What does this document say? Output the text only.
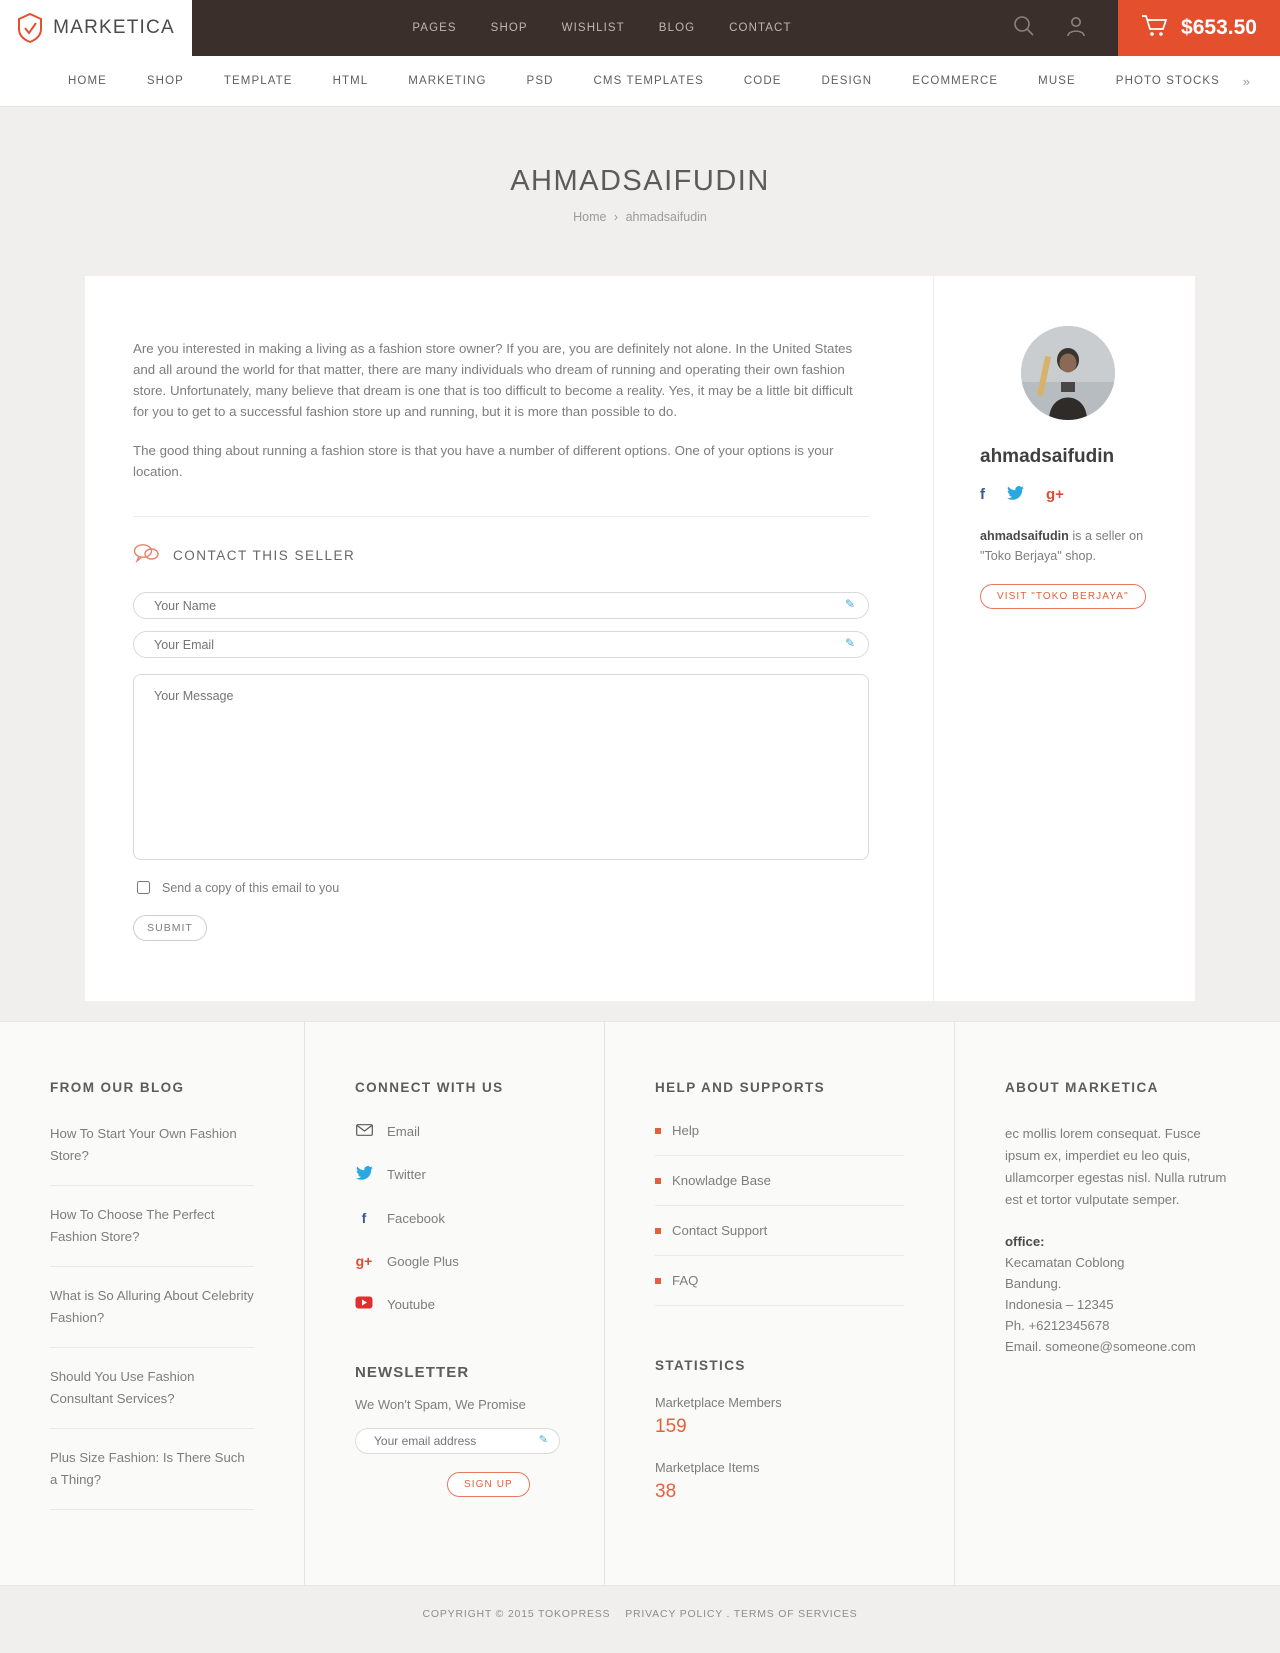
MARKETICA	PAGES	SHOP	WISHLIST	BLOG	CONTACT	$653.50
HOME	SHOP	TEMPLATE	HTML	MARKETING	PSD	CMS TEMPLATES	CODE	DESIGN	ECOMMERCE	MUSE	PHOTO STOCKS »
AHMADSAIFUDIN
Home › ahmadsaifudin

Are you interested in making a living as a fashion store owner? If you are, you are definitely not alone. In the United States and all around the world for that matter, there are many individuals who dream of running and operating their own fashion store. Unfortunately, many believe that dream is one that is too difficult to become a reality. Yes, it may be a little bit difficult for you to get to a successful fashion store up and running, but it is more than possible to do.

The good thing about running a fashion store is that you have a number of different options. One of your options is your location.

CONTACT THIS SELLER
Your Name
✎
Your Email
✎
Your Message
Send a copy of this email to you
SUBMIT
ahmadsaifudin
f	g+
ahmadsaifudin is a seller on "Toko Berjaya" shop.
VISIT "TOKO BERJAYA"
FROM OUR BLOG
How To Start Your Own Fashion Store?
How To Choose The Perfect Fashion Store?
What is So Alluring About Celebrity Fashion?
Should You Use Fashion Consultant Services?
Plus Size Fashion: Is There Such a Thing?
CONNECT WITH US
Email
Twitter
f	Facebook
g+ Google Plus
Youtube
NEWSLETTER
We Won't Spam, We Promise
Your email address
✎
SIGN UP
HELP AND SUPPORTS
Help
Knowladge Base
Contact Support
FAQ
STATISTICS
Marketplace Members
159
Marketplace Items
38
ABOUT MARKETICA

ec mollis lorem consequat. Fusce ipsum ex, imperdiet eu leo quis, ullamcorper egestas nisl. Nulla rutrum est et tortor vulputate semper.

office:
Kecamatan Coblong
Bandung.
Indonesia – 12345
Ph. +6212345678
Email. someone@someone.com
COPYRIGHT © 2015 TOKOPRESS PRIVACY POLICY . TERMS OF SERVICES
